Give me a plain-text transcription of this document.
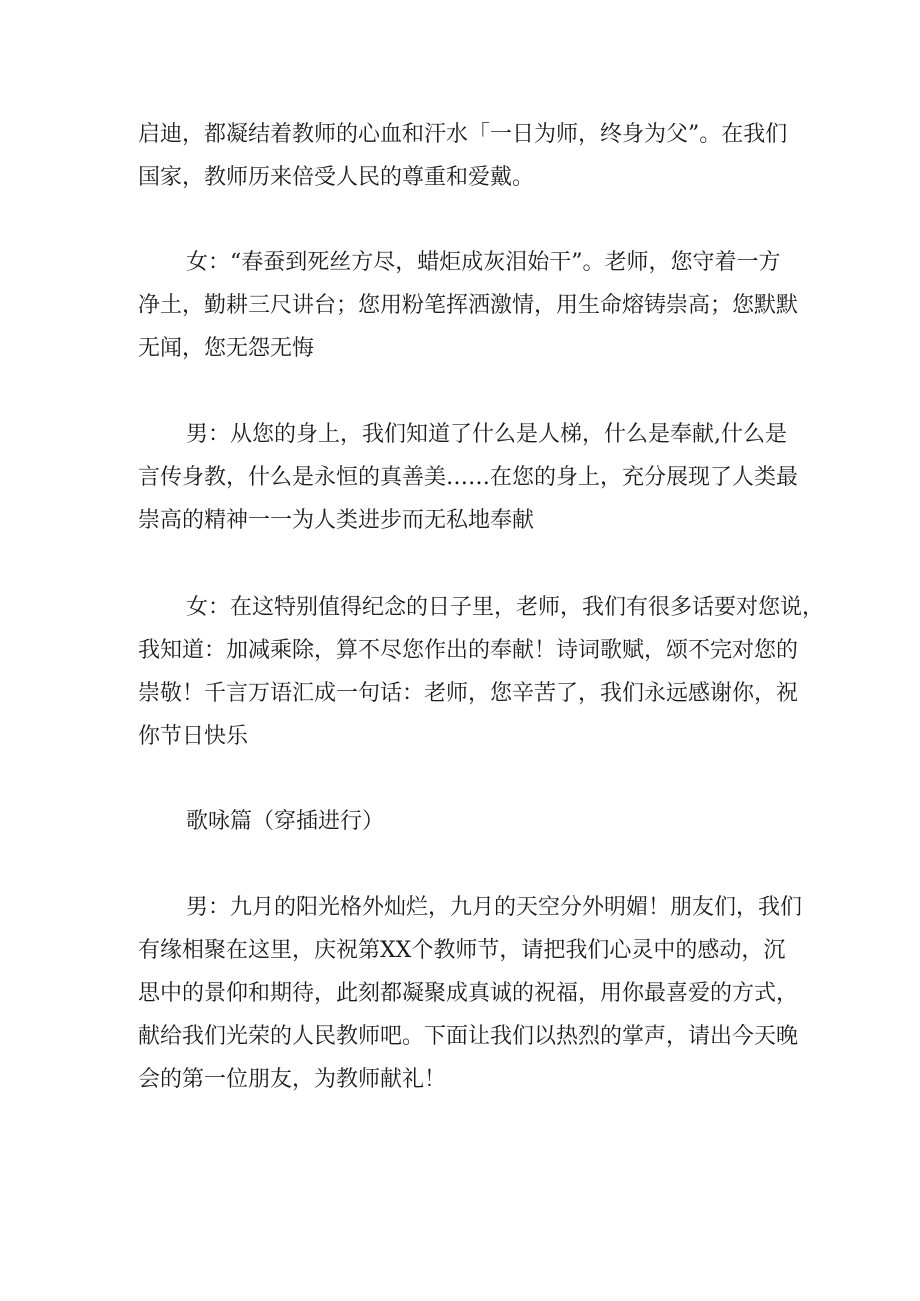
启迪，都凝结着教师的心血和汗水「一日为师，终身为父”。在我们
国家，教师历来倍受人民的尊重和爱戴。
女：“春蚕到死丝方尽，蜡炬成灰泪始干”。老师，您守着一方
净土，勤耕三尺讲台；您用粉笔挥洒激情，用生命熔铸崇高；您默默
无闻，您无怨无悔
男：从您的身上，我们知道了什么是人梯，什么是奉献,什么是
言传身教，什么是永恒的真善美……在您的身上，充分展现了人类最
崇高的精神一一为人类进步而无私地奉献
女：在这特别值得纪念的日子里，老师，我们有很多话要对您说，
我知道：加减乘除，算不尽您作出的奉献！诗词歌赋，颂不完对您的
崇敬！千言万语汇成一句话：老师，您辛苦了，我们永远感谢你，祝
你节日快乐
歌咏篇（穿插进行）
男：九月的阳光格外灿烂，九月的天空分外明媚！朋友们，我们
有缘相聚在这里，庆祝第XX个教师节，请把我们心灵中的感动，沉
思中的景仰和期待，此刻都凝聚成真诚的祝福，用你最喜爱的方式，
献给我们光荣的人民教师吧。下面让我们以热烈的掌声，请出今天晚
会的第一位朋友，为教师献礼！
